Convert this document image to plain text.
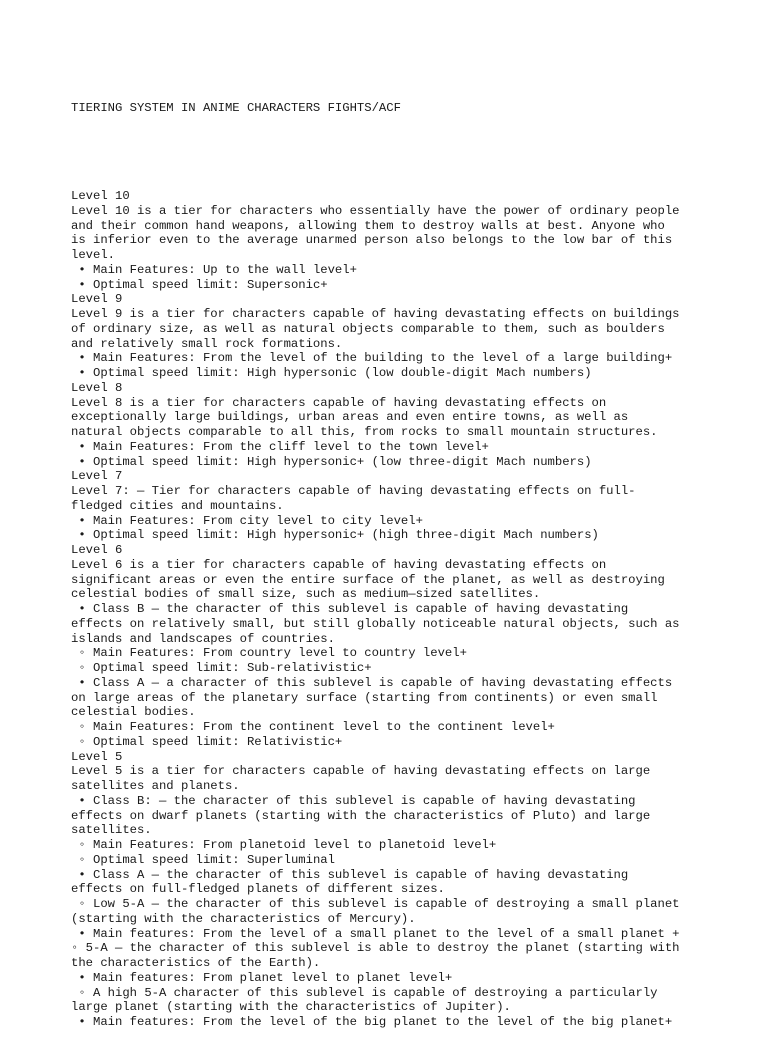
TIERING SYSTEM IN ANIME CHARACTERS FIGHTS/ACF

Level 10
Level 10 is a tier for characters who essentially have the power of ordinary people
and their common hand weapons, allowing them to destroy walls at best. Anyone who
is inferior even to the average unarmed person also belongs to the low bar of this
level.
• Main Features: Up to the wall level+
• Optimal speed limit: Supersonic+
Level 9
Level 9 is a tier for characters capable of having devastating effects on buildings
of ordinary size, as well as natural objects comparable to them, such as boulders
and relatively small rock formations.
• Main Features: From the level of the building to the level of a large building+
• Optimal speed limit: High hypersonic (low double-digit Mach numbers)
Level 8
Level 8 is a tier for characters capable of having devastating effects on
exceptionally large buildings, urban areas and even entire towns, as well as
natural objects comparable to all this, from rocks to small mountain structures.
• Main Features: From the cliff level to the town level+
• Optimal speed limit: High hypersonic+ (low three-digit Mach numbers)
Level 7
Level 7: — Tier for characters capable of having devastating effects on full-
fledged cities and mountains.
• Main Features: From city level to city level+
• Optimal speed limit: High hypersonic+ (high three-digit Mach numbers)
Level 6
Level 6 is a tier for characters capable of having devastating effects on
significant areas or even the entire surface of the planet, as well as destroying
celestial bodies of small size, such as medium—sized satellites.
• Class B — the character of this sublevel is capable of having devastating
effects on relatively small, but still globally noticeable natural objects, such as
islands and landscapes of countries.
◦ Main Features: From country level to country level+
◦ Optimal speed limit: Sub-relativistic+
• Class A — a character of this sublevel is capable of having devastating effects
on large areas of the planetary surface (starting from continents) or even small
celestial bodies.
◦ Main Features: From the continent level to the continent level+
◦ Optimal speed limit: Relativistic+
Level 5
Level 5 is a tier for characters capable of having devastating effects on large
satellites and planets.
• Class B: — the character of this sublevel is capable of having devastating
effects on dwarf planets (starting with the characteristics of Pluto) and large
satellites.
◦ Main Features: From planetoid level to planetoid level+
◦ Optimal speed limit: Superluminal
• Class A — the character of this sublevel is capable of having devastating
effects on full-fledged planets of different sizes.
◦ Low 5-A — the character of this sublevel is capable of destroying a small planet
(starting with the characteristics of Mercury).
• Main features: From the level of a small planet to the level of a small planet +
◦ 5-A — the character of this sublevel is able to destroy the planet (starting with
the characteristics of the Earth).
• Main features: From planet level to planet level+
◦ A high 5-A character of this sublevel is capable of destroying a particularly
large planet (starting with the characteristics of Jupiter).
• Main features: From the level of the big planet to the level of the big planet+
